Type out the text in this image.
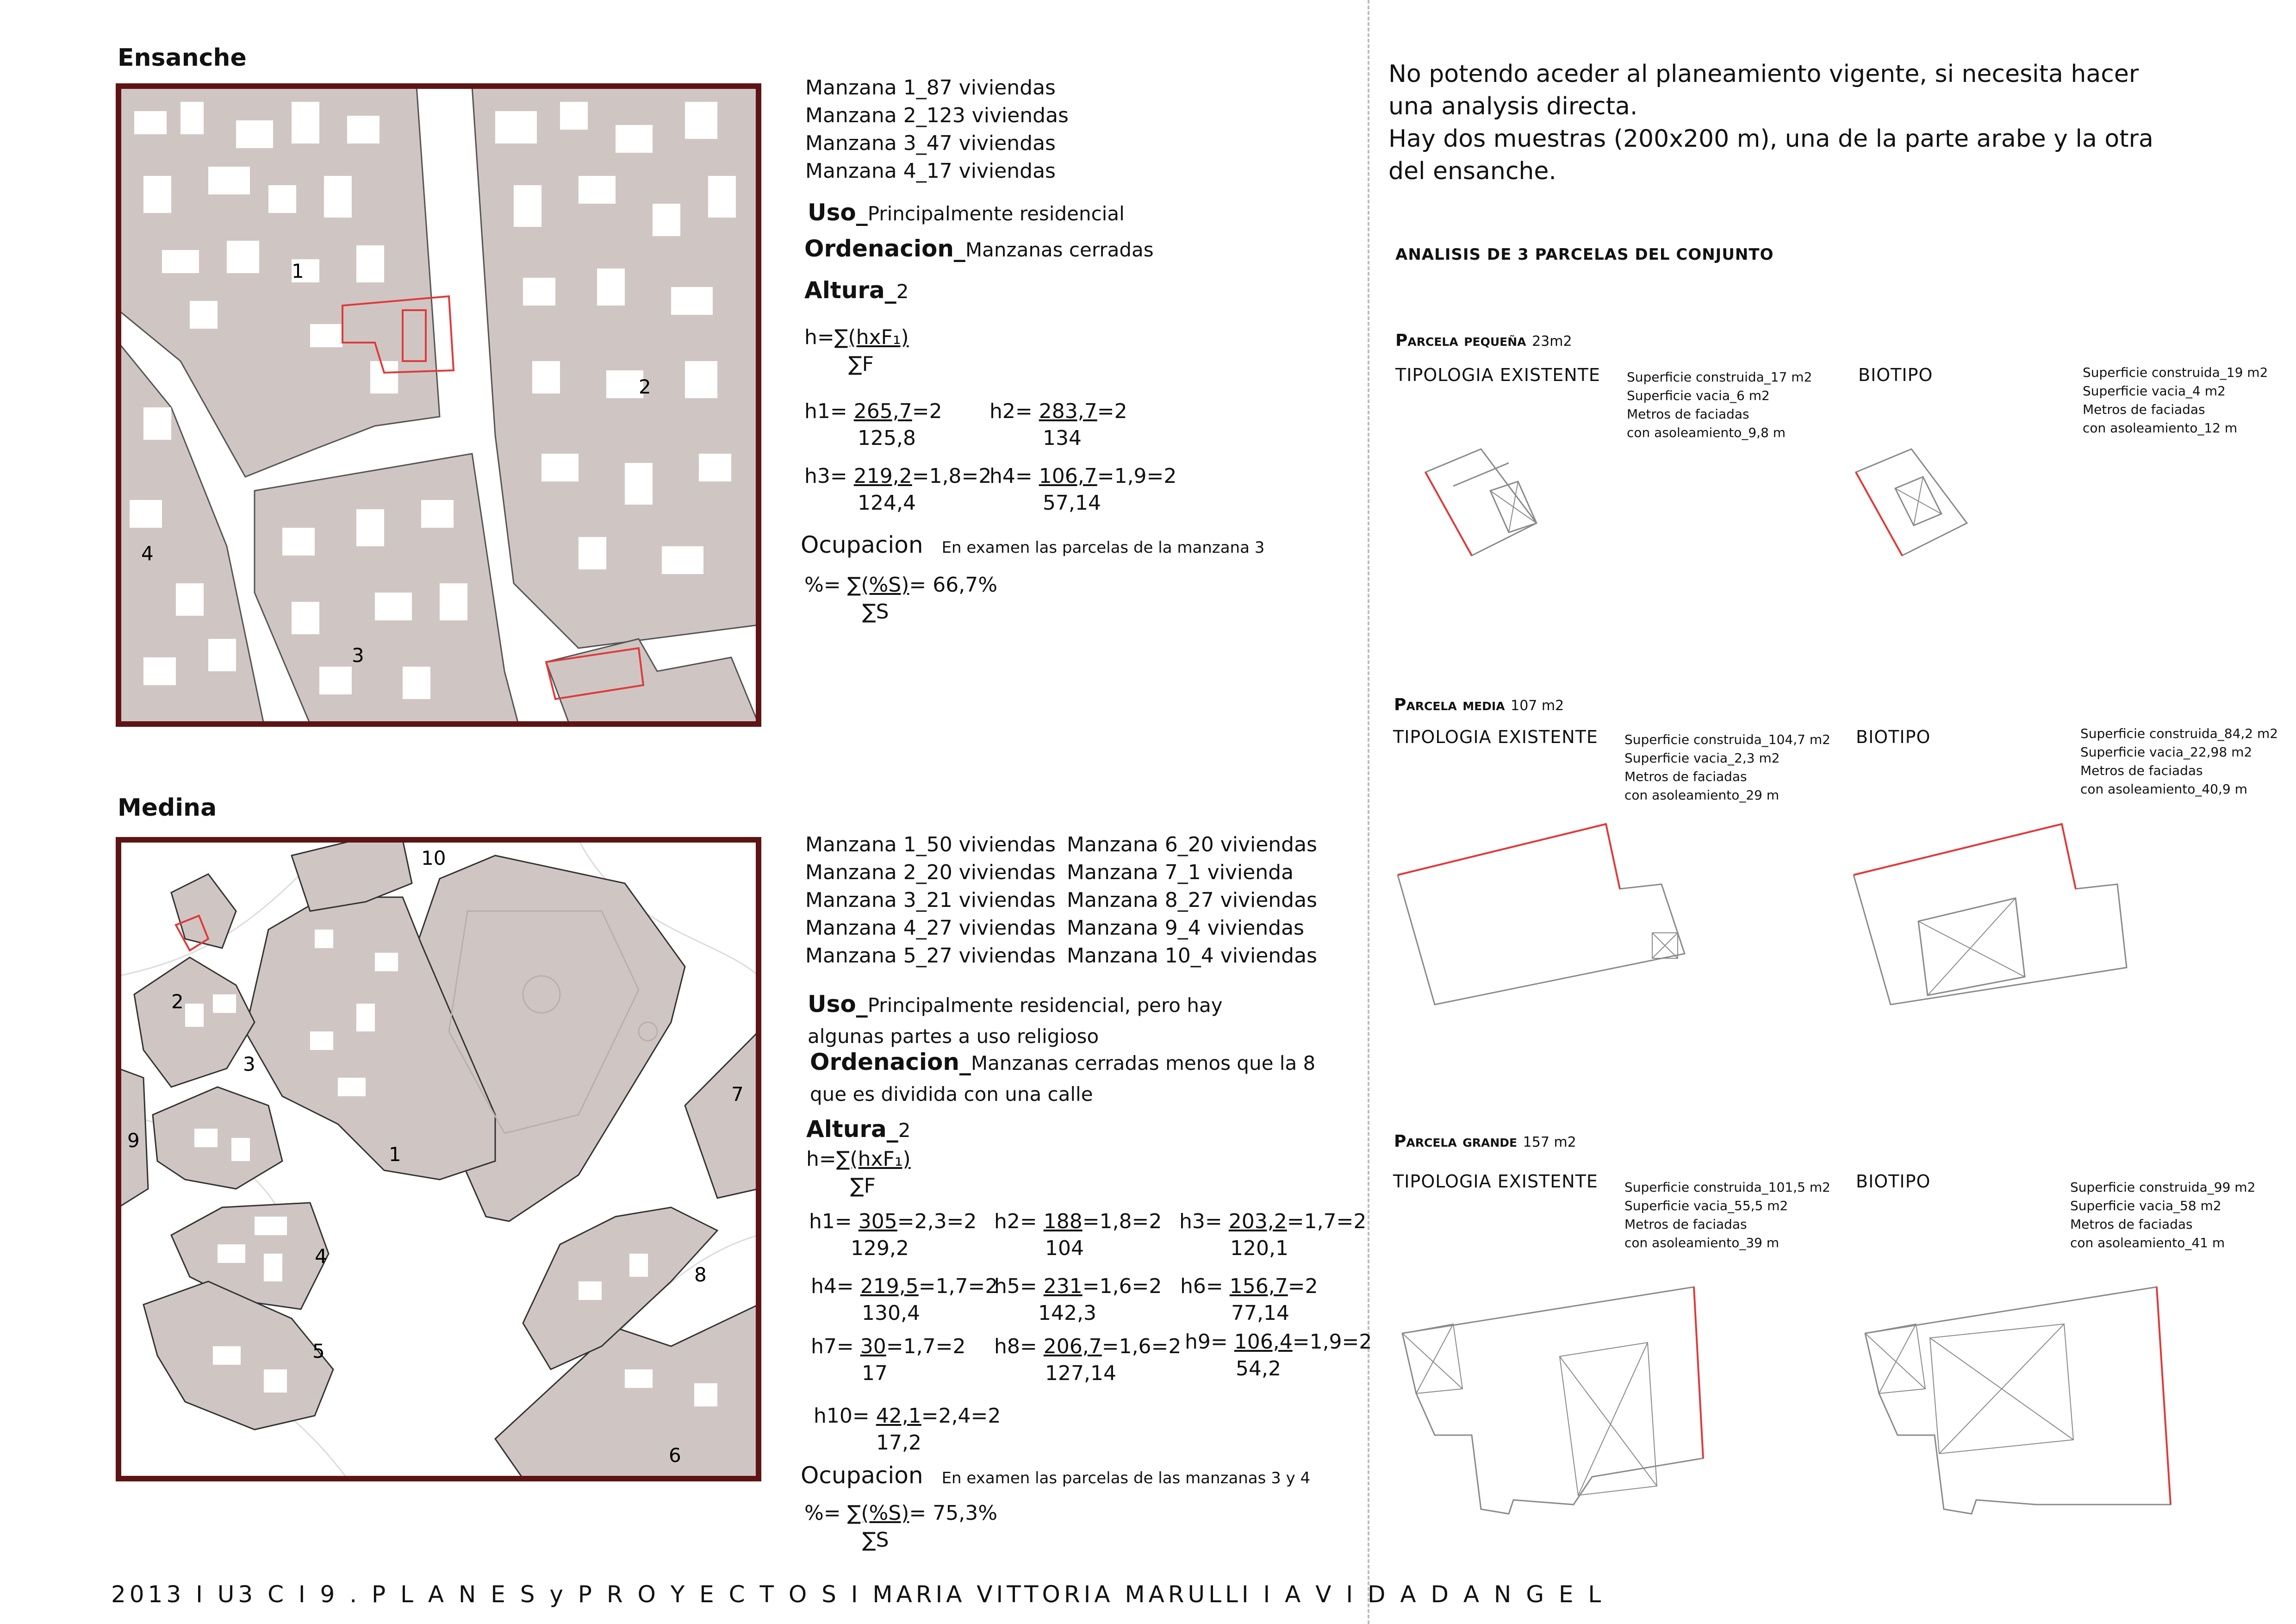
Ensanche
1
2
3
4
Manzana 1_87 viviendas
Manzana 2_123 viviendas
Manzana 3_47 viviendas
Manzana 4_17 viviendas
Uso_Principalmente residencial
Ordenacion_Manzanas cerradas
Altura_2
h=∑(hxF₁)
∑F
h1= 265,7=2
125,8
h2= 283,7=2
134
h3= 219,2=1,8=2
124,4
h4= 106,7=1,9=2
57,14
Ocupacion En examen las parcelas de la manzana 3
%= ∑(%S)= 66,7%
∑S
Medina
1
2
3
4
5
6
7
8
9
10
Manzana 1_50 viviendas
Manzana 2_20 viviendas
Manzana 3_21 viviendas
Manzana 4_27 viviendas
Manzana 5_27 viviendas
Manzana 6_20 viviendas
Manzana 7_1 vivienda
Manzana 8_27 viviendas
Manzana 9_4 viviendas
Manzana 10_4 viviendas
Uso_Principalmente residencial, pero hay
algunas partes a uso religioso
Ordenacion_Manzanas cerradas menos que la 8
que es dividida con una calle
Altura_2
h=∑(hxF₁)
∑F
h1= 305=2,3=2
129,2
h2= 188=1,8=2
104
h3= 203,2=1,7=2
120,1
h4= 219,5=1,7=2
130,4
h5= 231=1,6=2
142,3
h6= 156,7=2
77,14
h7= 30=1,7=2
17
h8= 206,7=1,6=2
127,14
h9= 106,4=1,9=2
54,2
h10= 42,1=2,4=2
17,2
Ocupacion En examen las parcelas de las manzanas 3 y 4
%= ∑(%S)= 75,3%
∑S
2013 I U3 C I 9 . P L A N E S y P R O Y E C T O S I MARIA VITTORIA MARULLI I A V I D A D A N G E L
No potendo aceder al planeamiento vigente, si necesita hacer
una analysis directa.
Hay dos muestras (200x200 m), una de la parte arabe y la otra
del ensanche.
ANALISIS DE 3 PARCELAS DEL CONJUNTO
Parcela pequeña 23m2
TIPOLOGIA EXISTENTE	BIOTIPO
Superficie construida_17 m2
Superficie vacia_6 m2
Metros de faciadas
con asoleamiento_9,8 m
Superficie construida_19 m2
Superficie vacia_4 m2
Metros de faciadas
con asoleamiento_12 m
Parcela media 107 m2
TIPOLOGIA EXISTENTE	BIOTIPO
Superficie construida_104,7 m2
Superficie vacia_2,3 m2
Metros de faciadas
con asoleamiento_29 m
Superficie construida_84,2 m2
Superficie vacia_22,98 m2
Metros de faciadas
con asoleamiento_40,9 m
Parcela grande 157 m2
TIPOLOGIA EXISTENTE	BIOTIPO
Superficie construida_101,5 m2
Superficie vacia_55,5 m2
Metros de faciadas
con asoleamiento_39 m
Superficie construida_99 m2
Superficie vacia_58 m2
Metros de faciadas
con asoleamiento_41 m
